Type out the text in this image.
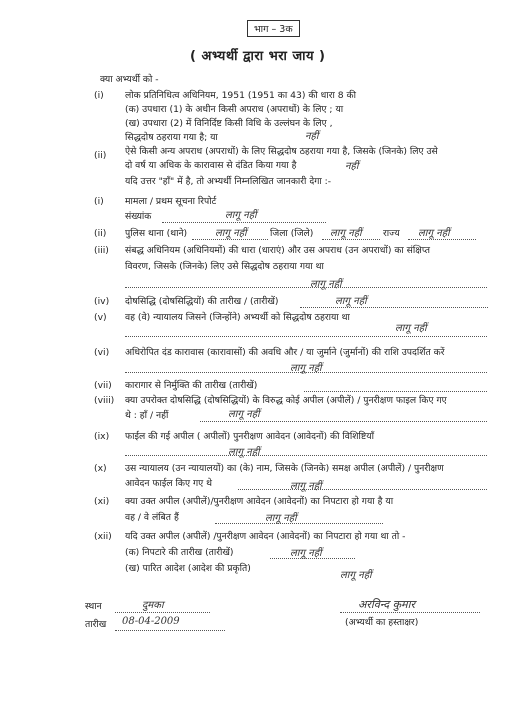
भाग – 3क
( अभ्यर्थी द्वारा भरा जाय )
क्या अभ्यर्थी को -
(i)	लोक प्रतिनिधित्व अधिनियम, 1951 (1951 का 43) की धारा 8 की
(क) उपधारा (1) के अधीन किसी अपराध (अपराधों) के लिए ; या
(ख) उपधारा (2) में विनिर्दिष्ट किसी विधि के उल्लंघन के लिए ,
सिद्धदोष ठहराया गया है; या	नहीं
(ii)	ऐसे किसी अन्य अपराध (अपराधों) के लिए सिद्धदोष ठहराया गया है, जिसके (जिनके) लिए उसे
दो वर्ष या अधिक के कारावास से दंडित किया गया है	नहीं
यदि उत्तर "हाँ" में है, तो अभ्यर्थी निम्नलिखित जानकारी देगा :-
(i)	मामला / प्रथम सूचना रिपोर्ट
संख्यांक	लागू नहीं
(ii)	पुलिस थाना (थाने)	लागू नहीं	जिला (जिले) लागू नहीं राज्य लागू नहीं
(iii)	संबद्ध अधिनियम (अधिनियमों) की धारा (धाराएं) और उस अपराध (उन अपराधों) का संक्षिप्त
विवरण, जिसके (जिनके) लिए उसे सिद्धदोष ठहराया गया था
लागू नहीं
(iv)	दोषसिद्धि (दोषसिद्धियों) की तारीख / (तारीखें)	लागू नहीं
(v)	वह (वे) न्यायालय जिसने (जिन्होंने) अभ्यर्थी को सिद्धदोष ठहराया था
लागू नहीं
(vi)	अधिरोपित दंड कारावास (कारावासों) की अवधि और / या जुर्माने (जुर्मानों) की राशि उपदर्शित करें
लागू नहीं
(vii)	कारागार से निर्मुक्ति की तारीख (तारीखें)
(viii)	क्या उपरोक्त दोषसिद्धि (दोषसिद्धियों) के विरुद्ध कोई अपील (अपीलें) / पुनरीक्षण फाइल किए गए
थे : हाँ / नहीं	लागू नहीं
(ix)	फाईल की गई अपील ( अपीलों) पुनरीक्षण आवेदन (आवेदनों) की विशिष्टियाँ
लागू नहीं
(x)	उस न्यायालय (उन न्यायालयों) का (के) नाम, जिसके (जिनके) समक्ष अपील (अपीलें) / पुनरीक्षण
आवेदन फाईल किए गए थे	लागू नहीं
(xi)	क्या उक्त अपील (अपीलें)/पुनरीक्षण आवेदन (आवेदनों) का निपटारा हो गया है या
वह / वे लंबित हैं	लागू नहीं
(xii)	यदि उक्त अपील (अपीलें) /पुनरीक्षण आवेदन (आवेदनों) का निपटारा हो गया था तो -
(क) निपटारे की तारीख (तारीखें)	लागू नहीं
(ख) पारित आदेश (आदेश की प्रकृति)
लागू नहीं
स्थान	दुमका
तारीख 08-04-2009
अरविन्द कुमार
(अभ्यर्थी का हस्ताक्षर)
